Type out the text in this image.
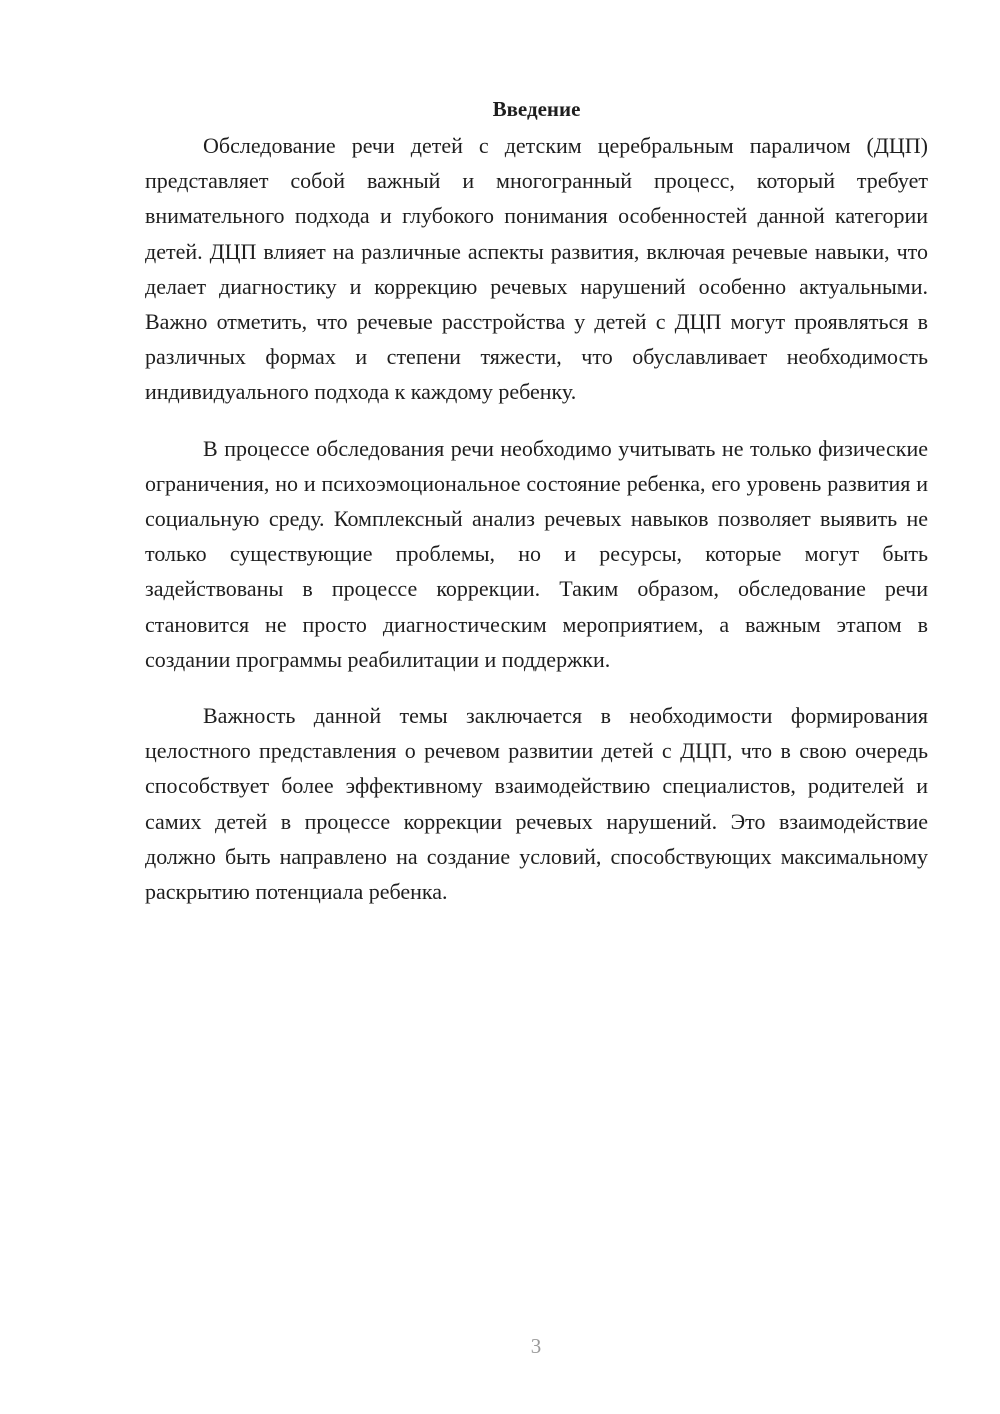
Введение

Обследование речи детей с детским церебральным параличом (ДЦП) представляет собой важный и многогранный процесс, который требует внимательного подхода и глубокого понимания особенностей данной категории детей. ДЦП влияет на различные аспекты развития, включая речевые навыки, что делает диагностику и коррекцию речевых нарушений особенно актуальными. Важно отметить, что речевые расстройства у детей с ДЦП могут проявляться в различных формах и степени тяжести, что обуславливает необходимость индивидуального подхода к каждому ребенку.

В процессе обследования речи необходимо учитывать не только физические ограничения, но и психоэмоциональное состояние ребенка, его уровень развития и социальную среду. Комплексный анализ речевых навыков позволяет выявить не только существующие проблемы, но и ресурсы, которые могут быть задействованы в процессе коррекции. Таким образом, обследование речи становится не просто диагностическим мероприятием, а важным этапом в создании программы реабилитации и поддержки.

Важность данной темы заключается в необходимости формирования целостного представления о речевом развитии детей с ДЦП, что в свою очередь способствует более эффективному взаимодействию специалистов, родителей и самих детей в процессе коррекции речевых нарушений. Это взаимодействие должно быть направлено на создание условий, способствующих максимальному раскрытию потенциала ребенка.

3
